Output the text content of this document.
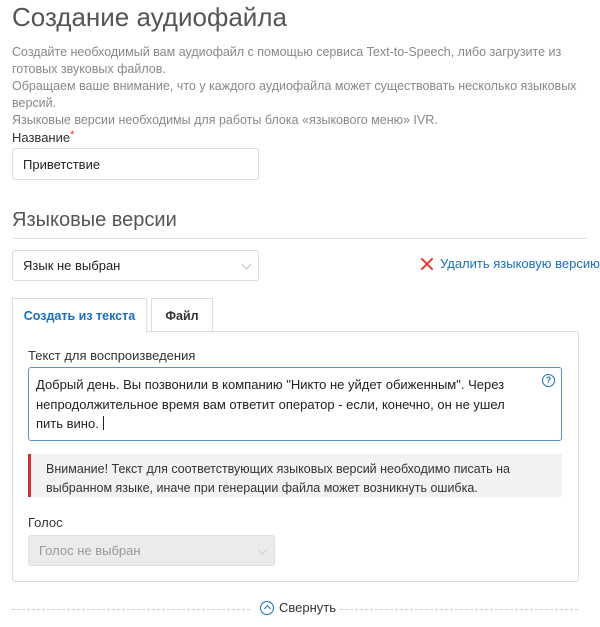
Создание аудиофайла

Создайте необходимый вам аудиофайл с помощью сервиса Text-to-Speech, либо загрузите из готовых звуковых файлов.

Обращаем ваше внимание, что у каждого аудиофайла может существовать несколько языковых версий.

Языковые версии необходимы для работы блока «языкового меню» IVR.

Название*
Приветствие
Языковые версии
Язык не выбран	Удалить языковую версию
Создать из текста	Файл
Текст для воспроизведения
Добрый день. Вы позвонили в компанию "Никто не уйдет обиженным". Через непродолжительное время вам ответит оператор - если, конечно, он не ушел пить вино.
?
Внимание! Текст для соответствующих языковых версий необходимо писать на выбранном языке, иначе при генерации файла может возникнуть ошибка.
Голос
Голос не выбран
Свернуть
